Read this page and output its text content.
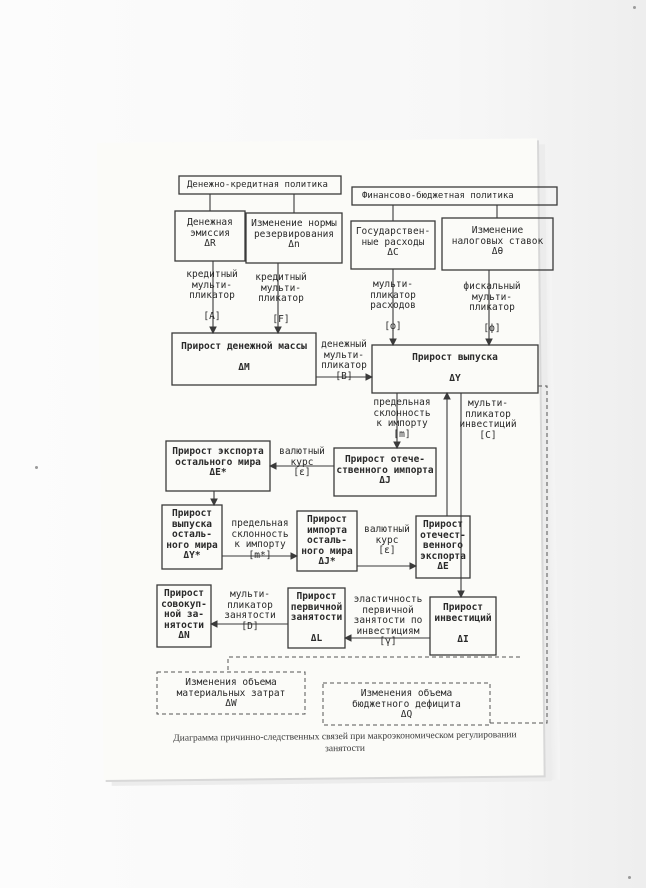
Денежно-кредитная политика
Финансово-бюджетная политика
Денежная
эмиссия
ΔR
Изменение нормы
резервирования
Δn
Государствен-
ные расходы
ΔC
Изменение
налоговых ставок
Δθ
кредитный
мульти-
пликатор

[A]
кредитный
мульти-
пликатор

[F]
мульти-
пликатор
расходов

[φ]
фискальный
мульти-
пликатор

[ф]
Прирост денежной массы

ΔM
денежный
мульти-
пликатор
[B]
Прирост выпуска

ΔY
предельная
склонность
к импорту
[m]
мульти-
пликатор
инвестиций
[C]
Прирост экспорта
остального мира
ΔE*
валютный
курс
[ε]
Прирост отече-
ственного импорта
ΔJ
Прирост
выпуска
осталь-
ного мира
ΔY*
предельная
склонность
к импорту
[m*]
Прирост
импорта
осталь-
ного мира
ΔJ*
валютный
курс
[ε]
Прирост
отечест-
венного
экспорта
ΔE
Прирост
совокуп-
ной за-
нятости
ΔN
мульти-
пликатор
занятости
[D]
Прирост
первичной
занятости

ΔL
эластичность
первичной
занятости по
инвестициям
[γ]
Прирост
инвестиций

ΔI
Изменения объема
материальных затрат
ΔW
Изменения объема
бюджетного дефицита
ΔQ
Диаграмма причинно-следственных связей при макроэкономическом регулировании занятости
